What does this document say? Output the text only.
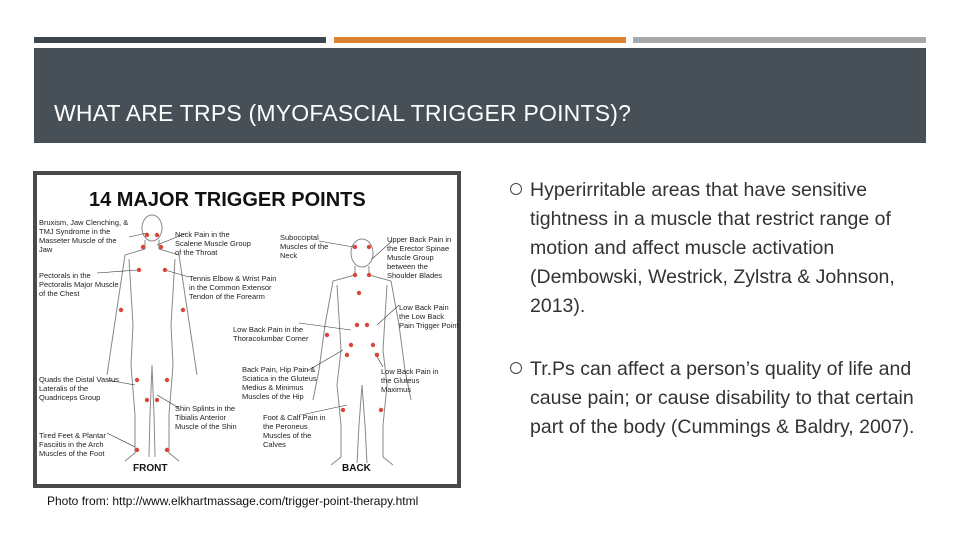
WHAT ARE TRPS (MYOFASCIAL TRIGGER POINTS)?
14 MAJOR TRIGGER POINTS
Bruxism, Jaw Clenching, & TMJ Syndrome in the Masseter Muscle of the Jaw
Neck Pain in the Scalene Muscle Group of the Throat
Subocciptal Muscles of the Neck
Upper Back Pain in the Erector Spinae Muscle Group between the Shoulder Blades
Pectorals in the Pectoralis Major Muscle of the Chest
Tennis Elbow & Wrist Pain in the Common Extensor Tendon of the Forearm
Low Back Pain the Low Back Pain Trigger Point
Low Back Pain in the Thoracolumbar Corner
Back Pain, Hip Pain & Sciatica in the Gluteus Medius & Minimus Muscles of the Hip
Low Back Pain in the Gluteus Maximus
Quads the Distal Vastus Lateralis of the Quadriceps Group
Shin Splints in the Tibialis Anterior Muscle of the Shin
Foot & Calf Pain in the Peroneus Muscles of the Calves
Tired Feet & Plantar Fasciitis in the Arch Muscles of the Foot
FRONT	BACK
Photo from: http://www.elkhartmassage.com/trigger-point-therapy.html
Hyperirritable areas that have sensitive tightness in a muscle that restrict range of motion and affect muscle activation (Dembowski, Westrick, Zylstra & Johnson, 2013).
Tr.Ps can affect a person’s quality of life and cause pain; or cause disability to that certain part of the body (Cummings & Baldry, 2007).
